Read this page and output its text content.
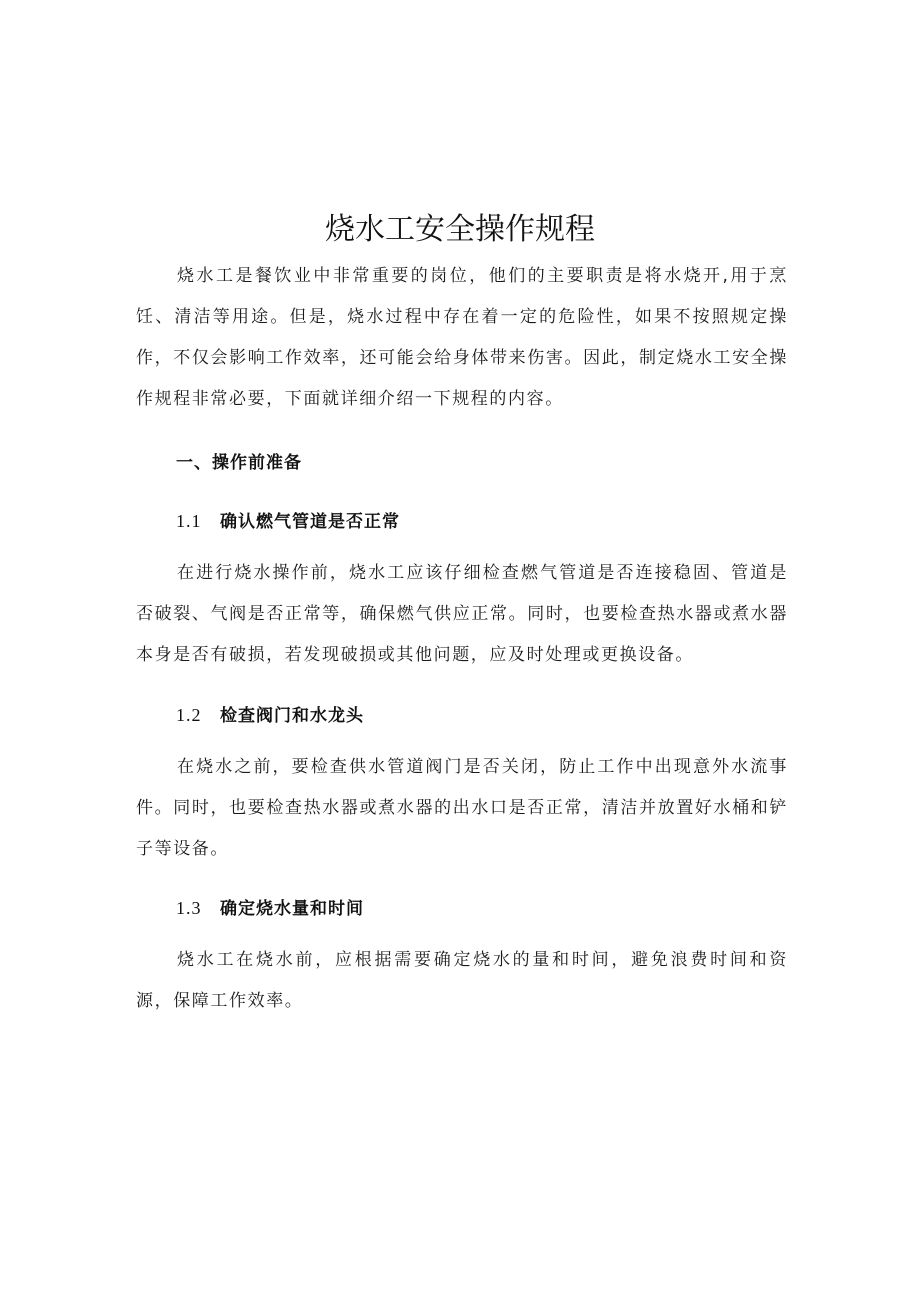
烧水工安全操作规程

烧水工是餐饮业中非常重要的岗位，他们的主要职责是将水烧开,用于烹饪、清洁等用途。但是，烧水过程中存在着一定的危险性，如果不按照规定操作，不仅会影响工作效率，还可能会给身体带来伤害。因此，制定烧水工安全操作规程非常必要，下面就详细介绍一下规程的内容。

一、操作前准备
1.1 确认燃气管道是否正常

在进行烧水操作前，烧水工应该仔细检查燃气管道是否连接稳固、管道是否破裂、气阀是否正常等，确保燃气供应正常。同时，也要检查热水器或煮水器本身是否有破损，若发现破损或其他问题，应及时处理或更换设备。

1.2 检查阀门和水龙头

在烧水之前，要检查供水管道阀门是否关闭，防止工作中出现意外水流事件。同时，也要检查热水器或煮水器的出水口是否正常，清洁并放置好水桶和铲子等设备。

1.3 确定烧水量和时间

烧水工在烧水前，应根据需要确定烧水的量和时间，避免浪费时间和资源，保障工作效率。
